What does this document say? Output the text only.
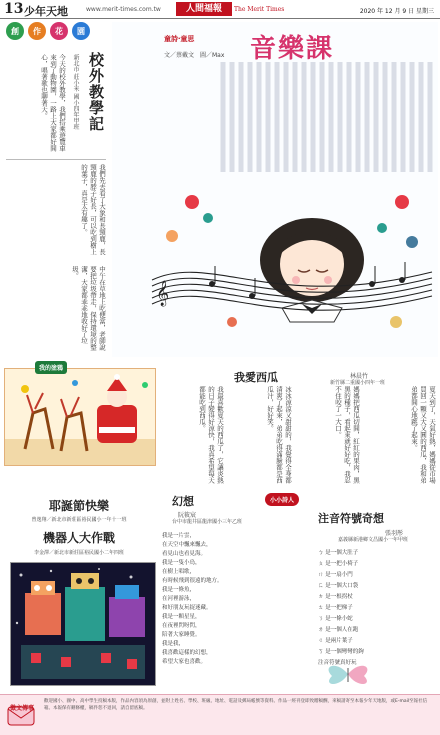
13 少年天地	www.merit-times.com.tw	人間福報	The Merit Times	2020 年 12 月 9 日 星期三
創	作	花	園
校外教學記
新北市 莊小米 國小四年甲班
今天的校外教學，我們搭乘遊覽車來到了動物園，一路上大家都好開心，唱著歌也聊著天。
我們先去看了大象和長頸鹿，長頸鹿的脖子好長，可以吃到樹上的葉子，真是太有趣了。
中午在草地上吃便當，老師說要把垃圾帶走，保持環境的整潔，大家都乖乖地收好了垃圾。
𝄞
童詩‧童思
文／蔡戴文　圖／Max 音樂課
我的塗鴉
耶誕節快樂
曾逸翔／新北市新莊區裕民國小一年十一班
機器人大作戰
李金澤／新北市新莊區裕民國小二年四班
我愛西瓜	林晨竹
新竹縣二重國小四年一班
夏天到了，天氣好熱，媽媽從市場買回一顆又大又圓的西瓜，我和弟弟都開心地跳了起來。
媽媽把西瓜切開，紅紅的果肉，黑黑的種子，看起來就好好吃，我忍不住咬了一大口。
冰冰涼涼又甜甜的，我覺得全身都清爽了起來，弟弟吃得滿臉都是西瓜汁，好好笑。
我最喜歡夏天的西瓜了，它讓炎熱的日子變得好涼快，我真希望每天都能吃到西瓜。
幻想	小小詩人
阮筱宸
台中市龍井區龍津國小三年乙班
我是一片雲，
在天空中飄來飄去，
看見山也看見海。
我是一隻小鳥，
在樹上唱歌，
有時候飛到很遠的地方。
我是一條魚，
在河裡游泳，
和好朋友玩捉迷藏。
我是一顆星星，
在夜裡閃呀閃，
陪著大家睡覺。
我是我，
我喜歡這樣的幻想，
希望大家也喜歡。
注音符號奇想
張羽彤
嘉義縣新港鄉文昌國小一年甲班
ㄅ 是一個大肚子
ㄆ 是一把小椅子
ㄇ 是一扇小門
ㄈ 是一個大口袋
ㄉ 是一根拐杖
ㄊ 是一把梯子
ㄋ 是一條小蛇
ㄌ 是一個人在跑
ㄍ 是兩片葉子
ㄎ 是一個彎彎的鉤
注音符號真好玩
徵文傳事
歡迎國小、國中、高中學生投稿本版，作品內容須為原創，並附上姓名、學校、班級、地址、電話及郵局帳號等資料。作品一經刊登即致贈稿酬，來稿請寄至本報少年天地版，或E-mail至報社信箱。本報保有刪修權，稿件恕不退回，請自留底稿。
